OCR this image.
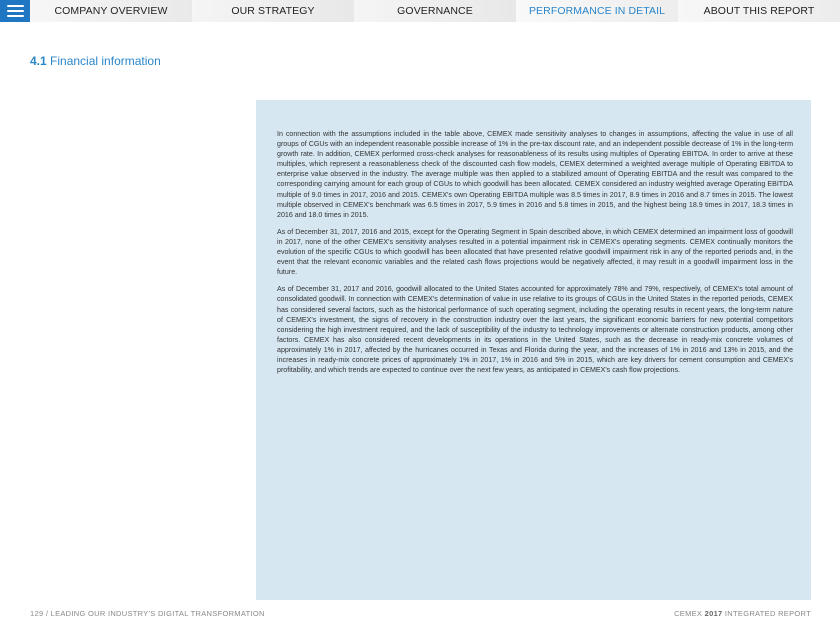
COMPANY OVERVIEW	OUR STRATEGY	GOVERNANCE	PERFORMANCE IN DETAIL	ABOUT THIS REPORT
4.1 Financial information

In connection with the assumptions included in the table above, CEMEX made sensitivity analyses to changes in assumptions, affecting the value in use of all groups of CGUs with an independent reasonable possible increase of 1% in the pre-tax discount rate, and an independent possible decrease of 1% in the long-term growth rate. In addition, CEMEX performed cross-check analyses for reasonableness of its results using multiples of Operating EBITDA. In order to arrive at these multiples, which represent a reasonableness check of the discounted cash flow models, CEMEX determined a weighted average multiple of Operating EBITDA to enterprise value observed in the industry. The average multiple was then applied to a stabilized amount of Operating EBITDA and the result was compared to the corresponding carrying amount for each group of CGUs to which goodwill has been allocated. CEMEX considered an industry weighted average Operating EBITDA multiple of 9.0 times in 2017, 2016 and 2015. CEMEX's own Operating EBITDA multiple was 8.5 times in 2017, 8.9 times in 2016 and 8.7 times in 2015. The lowest multiple observed in CEMEX's benchmark was 6.5 times in 2017, 5.9 times in 2016 and 5.8 times in 2015, and the highest being 18.9 times in 2017, 18.3 times in 2016 and 18.0 times in 2015.

As of December 31, 2017, 2016 and 2015, except for the Operating Segment in Spain described above, in which CEMEX determined an impairment loss of goodwill in 2017, none of the other CEMEX's sensitivity analyses resulted in a potential impairment risk in CEMEX's operating segments. CEMEX continually monitors the evolution of the specific CGUs to which goodwill has been allocated that have presented relative goodwill impairment risk in any of the reported periods and, in the event that the relevant economic variables and the related cash flows projections would be negatively affected, it may result in a goodwill impairment loss in the future.

As of December 31, 2017 and 2016, goodwill allocated to the United States accounted for approximately 78% and 79%, respectively, of CEMEX's total amount of consolidated goodwill. In connection with CEMEX's determination of value in use relative to its groups of CGUs in the United States in the reported periods, CEMEX has considered several factors, such as the historical performance of such operating segment, including the operating results in recent years, the long-term nature of CEMEX's investment, the signs of recovery in the construction industry over the last years, the significant economic barriers for new potential competitors considering the high investment required, and the lack of susceptibility of the industry to technology improvements or alternate construction products, among other factors. CEMEX has also considered recent developments in its operations in the United States, such as the decrease in ready-mix concrete volumes of approximately 1% in 2017, affected by the hurricanes occurred in Texas and Florida during the year, and the increases of 1% in 2016 and 13% in 2015, and the increases in ready-mix concrete prices of approximately 1% in 2017, 1% in 2016 and 5% in 2015, which are key drivers for cement consumption and CEMEX's profitability, and which trends are expected to continue over the next few years, as anticipated in CEMEX's cash flow projections.

129 / LEADING OUR INDUSTRY'S DIGITAL TRANSFORMATION	CEMEX 2017 INTEGRATED REPORT
